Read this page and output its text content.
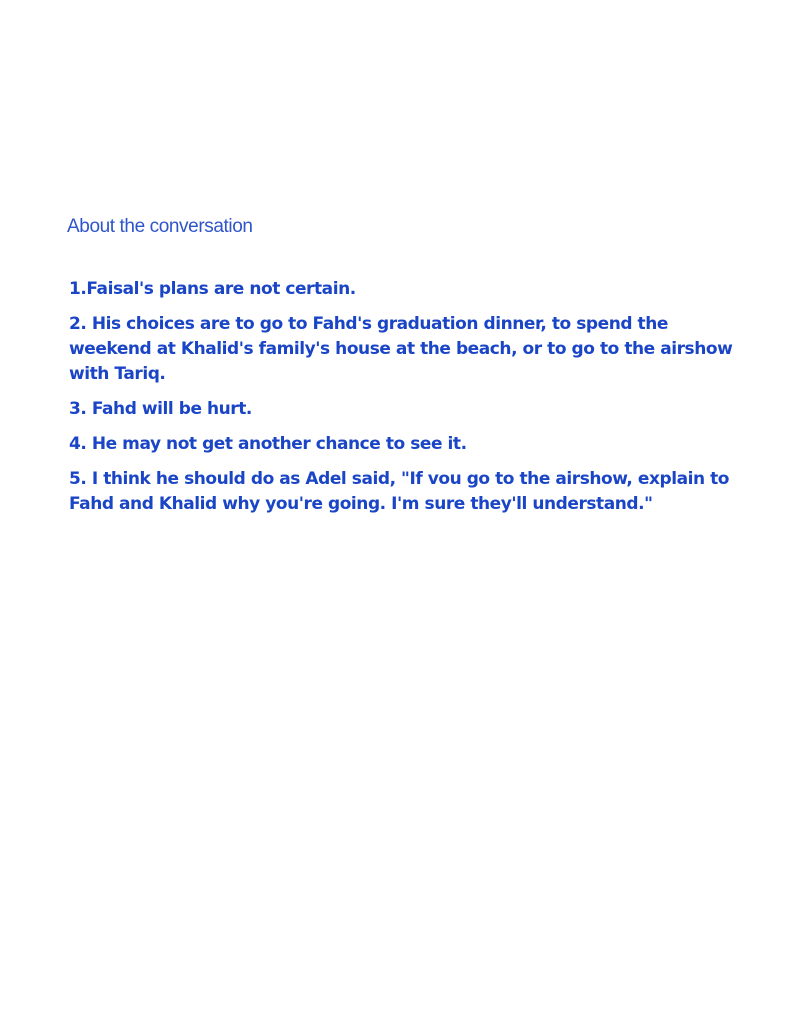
About the conversation
1.Faisal's plans are not certain.
2. His choices are to go to Fahd's graduation dinner, to spend the weekend at Khalid's family's house at the beach, or to go to the airshow with Tariq.
3. Fahd will be hurt.
4. He may not get another chance to see it.
5. I think he should do as Adel said, "If vou go to the airshow, explain to Fahd and Khalid why you're going. I'm sure they'll understand."
